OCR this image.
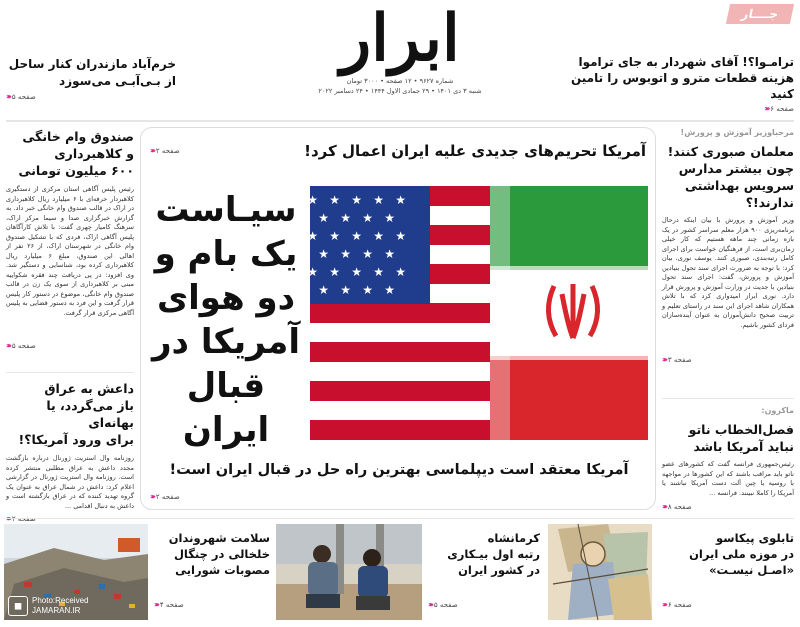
جــــار
ابرار
شماره ۹۶۲۷ • ۱۲ صفحه • ۳۰۰۰ تومان
شنبه ۳ دی ۱۴۰۱ • ۲۹ جمادی الاول ۱۴۴۴ • ۲۴ دسامبر ۲۰۲۲
ترامـوا؟! آقای شهردار به جای تراموا
هزینه قطعات مترو و اتوبوس را تامین کنید
صفحه ۶
‹‹‹
خرم‌آباد مازندران کنار ساحل
از بـی‌آبـی می‌سوزد
صفحه ۵
‹‹‹
آمریکا تحریم‌های جدیدی علیه ایران اعمال کرد!
صفحه ۲
‹‹‹
★ ★ ★ ★ ★
★ ★ ★ ★
★ ★ ★ ★ ★
★ ★ ★ ★
★ ★ ★ ★ ★
★ ★ ★ ★
سیـاست
یک بام و
دو هوای
آمریکا در
قبال ایران
آمریکا معتقد است دیپلماسی بهترین راه حل در قبال ایران است!
صفحه ۲
‹‹‹
مرحباوزیر آموزش و پرورش!
معلمان صبوری کنند!
چون بیشتر مدارس
سرویس بهداشتی
ندارند!؟
وزیر آموزش و پرورش با بیان اینکه درحال برنامه‌ریزی ۹۰۰ هزار معلم سراسر کشور در یک بازه زمانی چند ماهه هستیم که کار خیلی زمان‌بری است، از فرهنگیان خواست برای اجرای کامل رتبه‌بندی، صبوری کنند. یوسف نوری، بیان کرد: با توجه به ضرورت اجرای سند تحول بنیادین آموزش و پرورش، گفت: اجرای سند تحول بنیادین با جدیت در وزارت آموزش و پرورش قرار دارد. نوری ابراز امیدواری کرد که با تلاش همکاران شاهد اجرای این سند در راستای تعلیم و تربیت صحیح دانش‌آموزان به عنوان آینده‌سازان فردای کشور باشیم.
صفحه ۳
‹‹‹
ماکرون:
فصل‌الخطاب ناتو
نباید آمریکا باشد
رئیس‌جمهوری فرانسه گفت که کشورهای عضو ناتو باید مراقب باشند که این کشورها در مواجهه با روسیه یا چین آلت دست آمریکا نباشند یا آمریکا را کاملا نبینند. فرانسه ...
صفحه ۸
‹‹‹
صندوق وام خانگی
و کلاهبرداری
۶۰۰ میلیون تومانی
رئیس پلیس آگاهی استان مرکزی از دستگیری کلاهبردار حرفه‌ای با ۶ میلیارد ریال کلاهبرداری در اراک در قالب صندوق وام خانگی خبر داد. به گزارش خبرگزاری صدا و سیما مرکز اراک، سرهنگ کامیار چهری گفت: با تلاش کارآگاهان پلیس آگاهی اراک، فردی که با تشکیل صندوق وام خانگی در شهرستان اراک، از ۲۶ نفر از اهالی این صندوق، مبلغ ۶ میلیارد ریال کلاهبرداری کرده بود، شناسایی و دستگیر شد. وی افزود: در پی دریافت چند فقره شکواییه مبنی بر کلاهبرداری از سوی یک زن در قالب صندوق وام خانگی، موضوع در دستور کار پلیس قرار گرفت و این فرد به دستور قضایی به پلیس آگاهی مرکزی قرار گرفت.
صفحه ۵
‹‹‹
داعش به عراق
باز می‌گردد، یا بهانه‌ای
برای ورود آمریکا؟!
روزنامه وال استریت ژورنال درباره بازگشت مجدد داعش به عراق مطلبی منتشر کرده است. روزنامه وال استریت ژورنال در گزارشی اعلام کرد: داعش در شمال عراق به عنوان یک گروه تهدید کننده که در عراق بازگشته است و داعش به دنبال اقدامی ...
تابلوی پیکاسو
در موزه ملی ایران
«اصـل نیسـت»
صفحه ۶
‹‹‹
کرمانشاه
رتبه اول بیـکاری
در کشور ایران
صفحه ۵
‹‹‹
◼	Photo:Received
JAMARAN.IR
سلامت شهروندان
خلخالی در چنگال
مصوبات شورایی
صفحه ۴
‹‹‹
